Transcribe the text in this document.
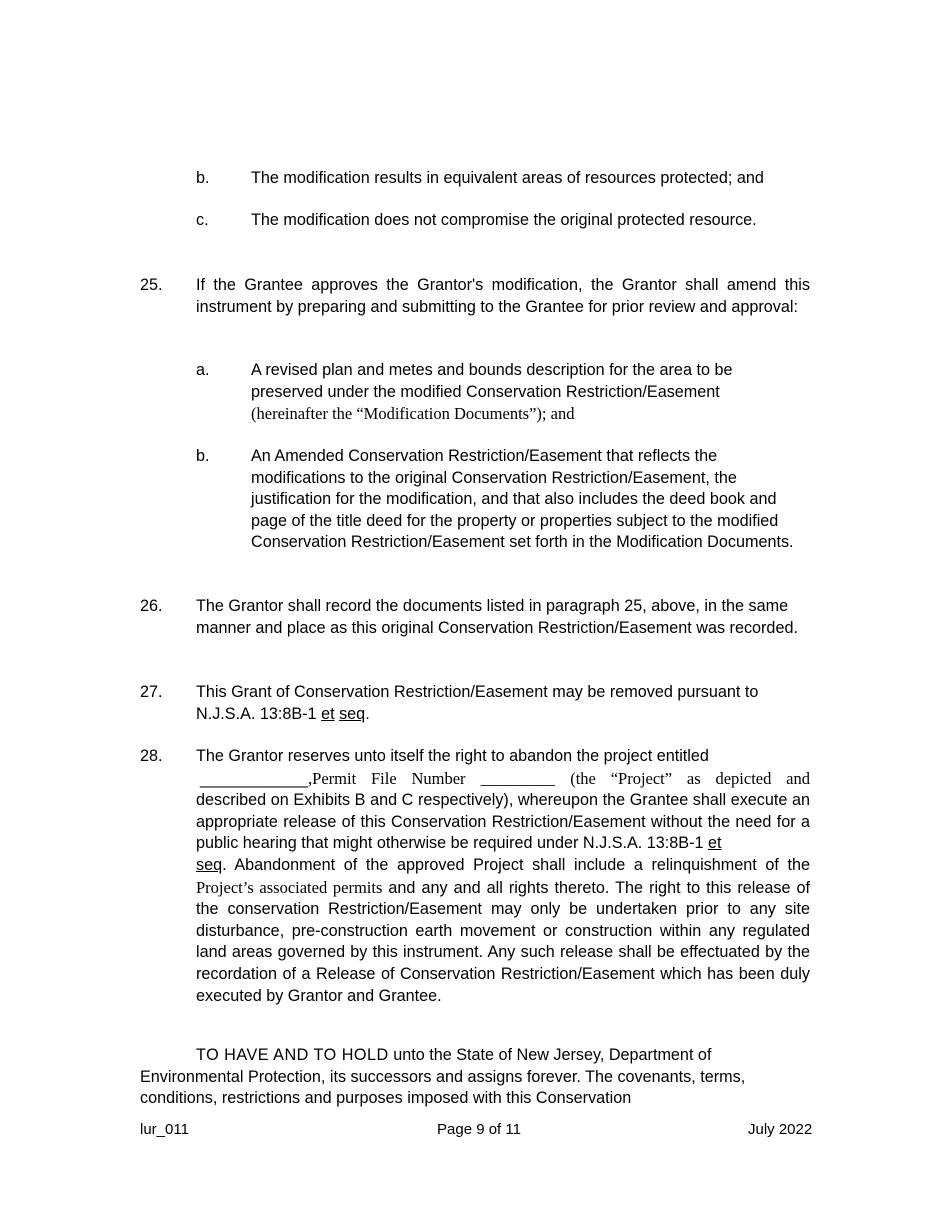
b.	The modification results in equivalent areas of resources protected; and
c.	The modification does not compromise the original protected resource.
25. If the Grantee approves the Grantor's modification, the Grantor shall amend this instrument by preparing and submitting to the Grantee for prior review and approval:
a.	A revised plan and metes and bounds description for the area to be preserved under the modified Conservation Restriction/Easement
(hereinafter the “Modification Documents”); and
b.	An Amended Conservation Restriction/Easement that reflects the modifications to the original Conservation Restriction/Easement, the justification for the modification, and that also includes the deed book and page of the title deed for the property or properties subject to the modified Conservation Restriction/Easement set forth in the Modification Documents.
26. The Grantor shall record the documents listed in paragraph 25, above, in the same manner and place as this original Conservation Restriction/Easement was recorded.
27. This Grant of Conservation Restriction/Easement may be removed pursuant to N.J.S.A. 13:8B-1 et seq.
28. The Grantor reserves unto itself the right to abandon the project entitled
____________,Permit File Number _________ (the “Project” as depicted and
described on Exhibits B and C respectively), whereupon the Grantee shall execute an appropriate release of this Conservation Restriction/Easement without the need for a public hearing that might otherwise be required under N.J.S.A. 13:8B-1 et
seq. Abandonment of the approved Project shall include a relinquishment of the Project’s associated permits and any and all rights thereto. The right to this release of the conservation Restriction/Easement may only be undertaken prior to any site disturbance, pre-construction earth movement or construction within any regulated land areas governed by this instrument. Any such release shall be effectuated by the recordation of a Release of Conservation Restriction/Easement which has been duly executed by Grantor and Grantee.
TO HAVE AND TO HOLD unto the State of New Jersey, Department of Environmental Protection, its successors and assigns forever. The covenants, terms, conditions, restrictions and purposes imposed with this Conservation
lur_011	Page 9 of 11	July 2022
